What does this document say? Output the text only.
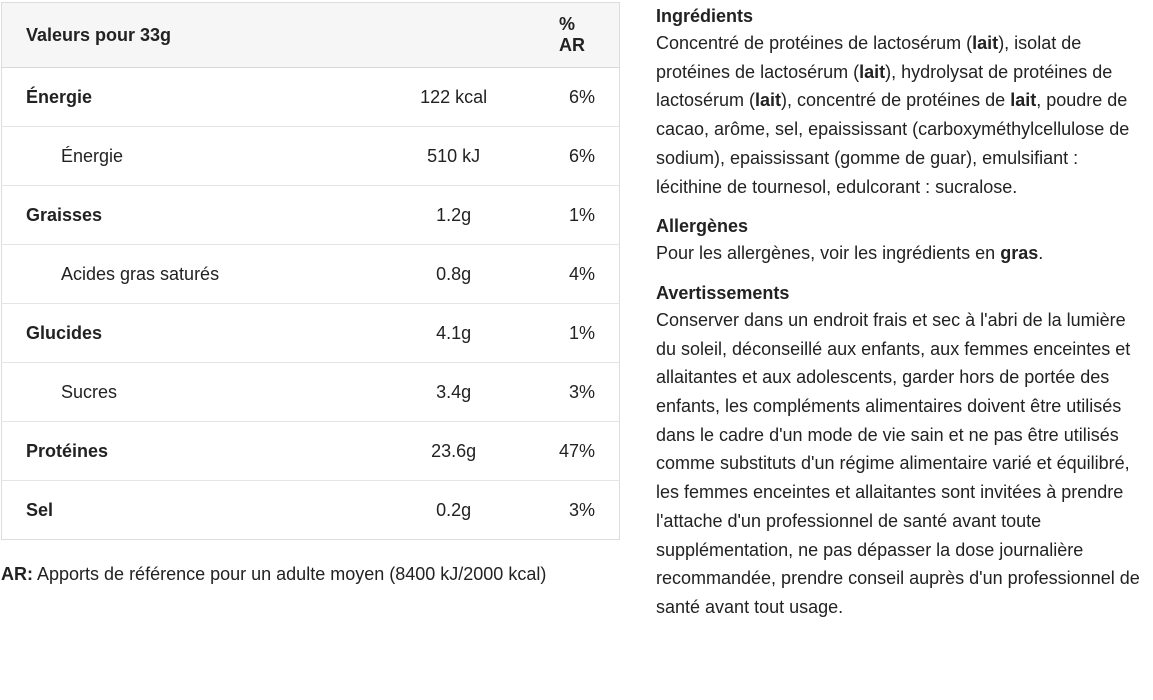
Valeurs pour 33g		% AR
Énergie	122 kcal	6%
Énergie	510 kJ	6%
Graisses	1.2g	1%
Acides gras saturés	0.8g	4%
Glucides	4.1g	1%
Sucres	3.4g	3%
Protéines	23.6g	47%
Sel	0.2g	3%
AR: Apports de référence pour un adulte moyen (8400 kJ/2000 kcal)
Ingrédients

Concentré de protéines de lactosérum (lait), isolat de protéines de lactosérum (lait), hydrolysat de protéines de lactosérum (lait), concentré de protéines de lait, poudre de cacao, arôme, sel, epaississant (carboxyméthylcellulose de sodium), epaississant (gomme de guar), emulsifiant : lécithine de tournesol, edulcorant : sucralose.

Allergènes

Pour les allergènes, voir les ingrédients en gras.

Avertissements

Conserver dans un endroit frais et sec à l'abri de la lumière du soleil, déconseillé aux enfants, aux femmes enceintes et allaitantes et aux adolescents, garder hors de portée des enfants, les compléments alimentaires doivent être utilisés dans le cadre d'un mode de vie sain et ne pas être utilisés comme substituts d'un régime alimentaire varié et équilibré, les femmes enceintes et allaitantes sont invitées à prendre l'attache d'un professionnel de santé avant toute supplémentation, ne pas dépasser la dose journalière recommandée, prendre conseil auprès d'un professionnel de santé avant tout usage.
